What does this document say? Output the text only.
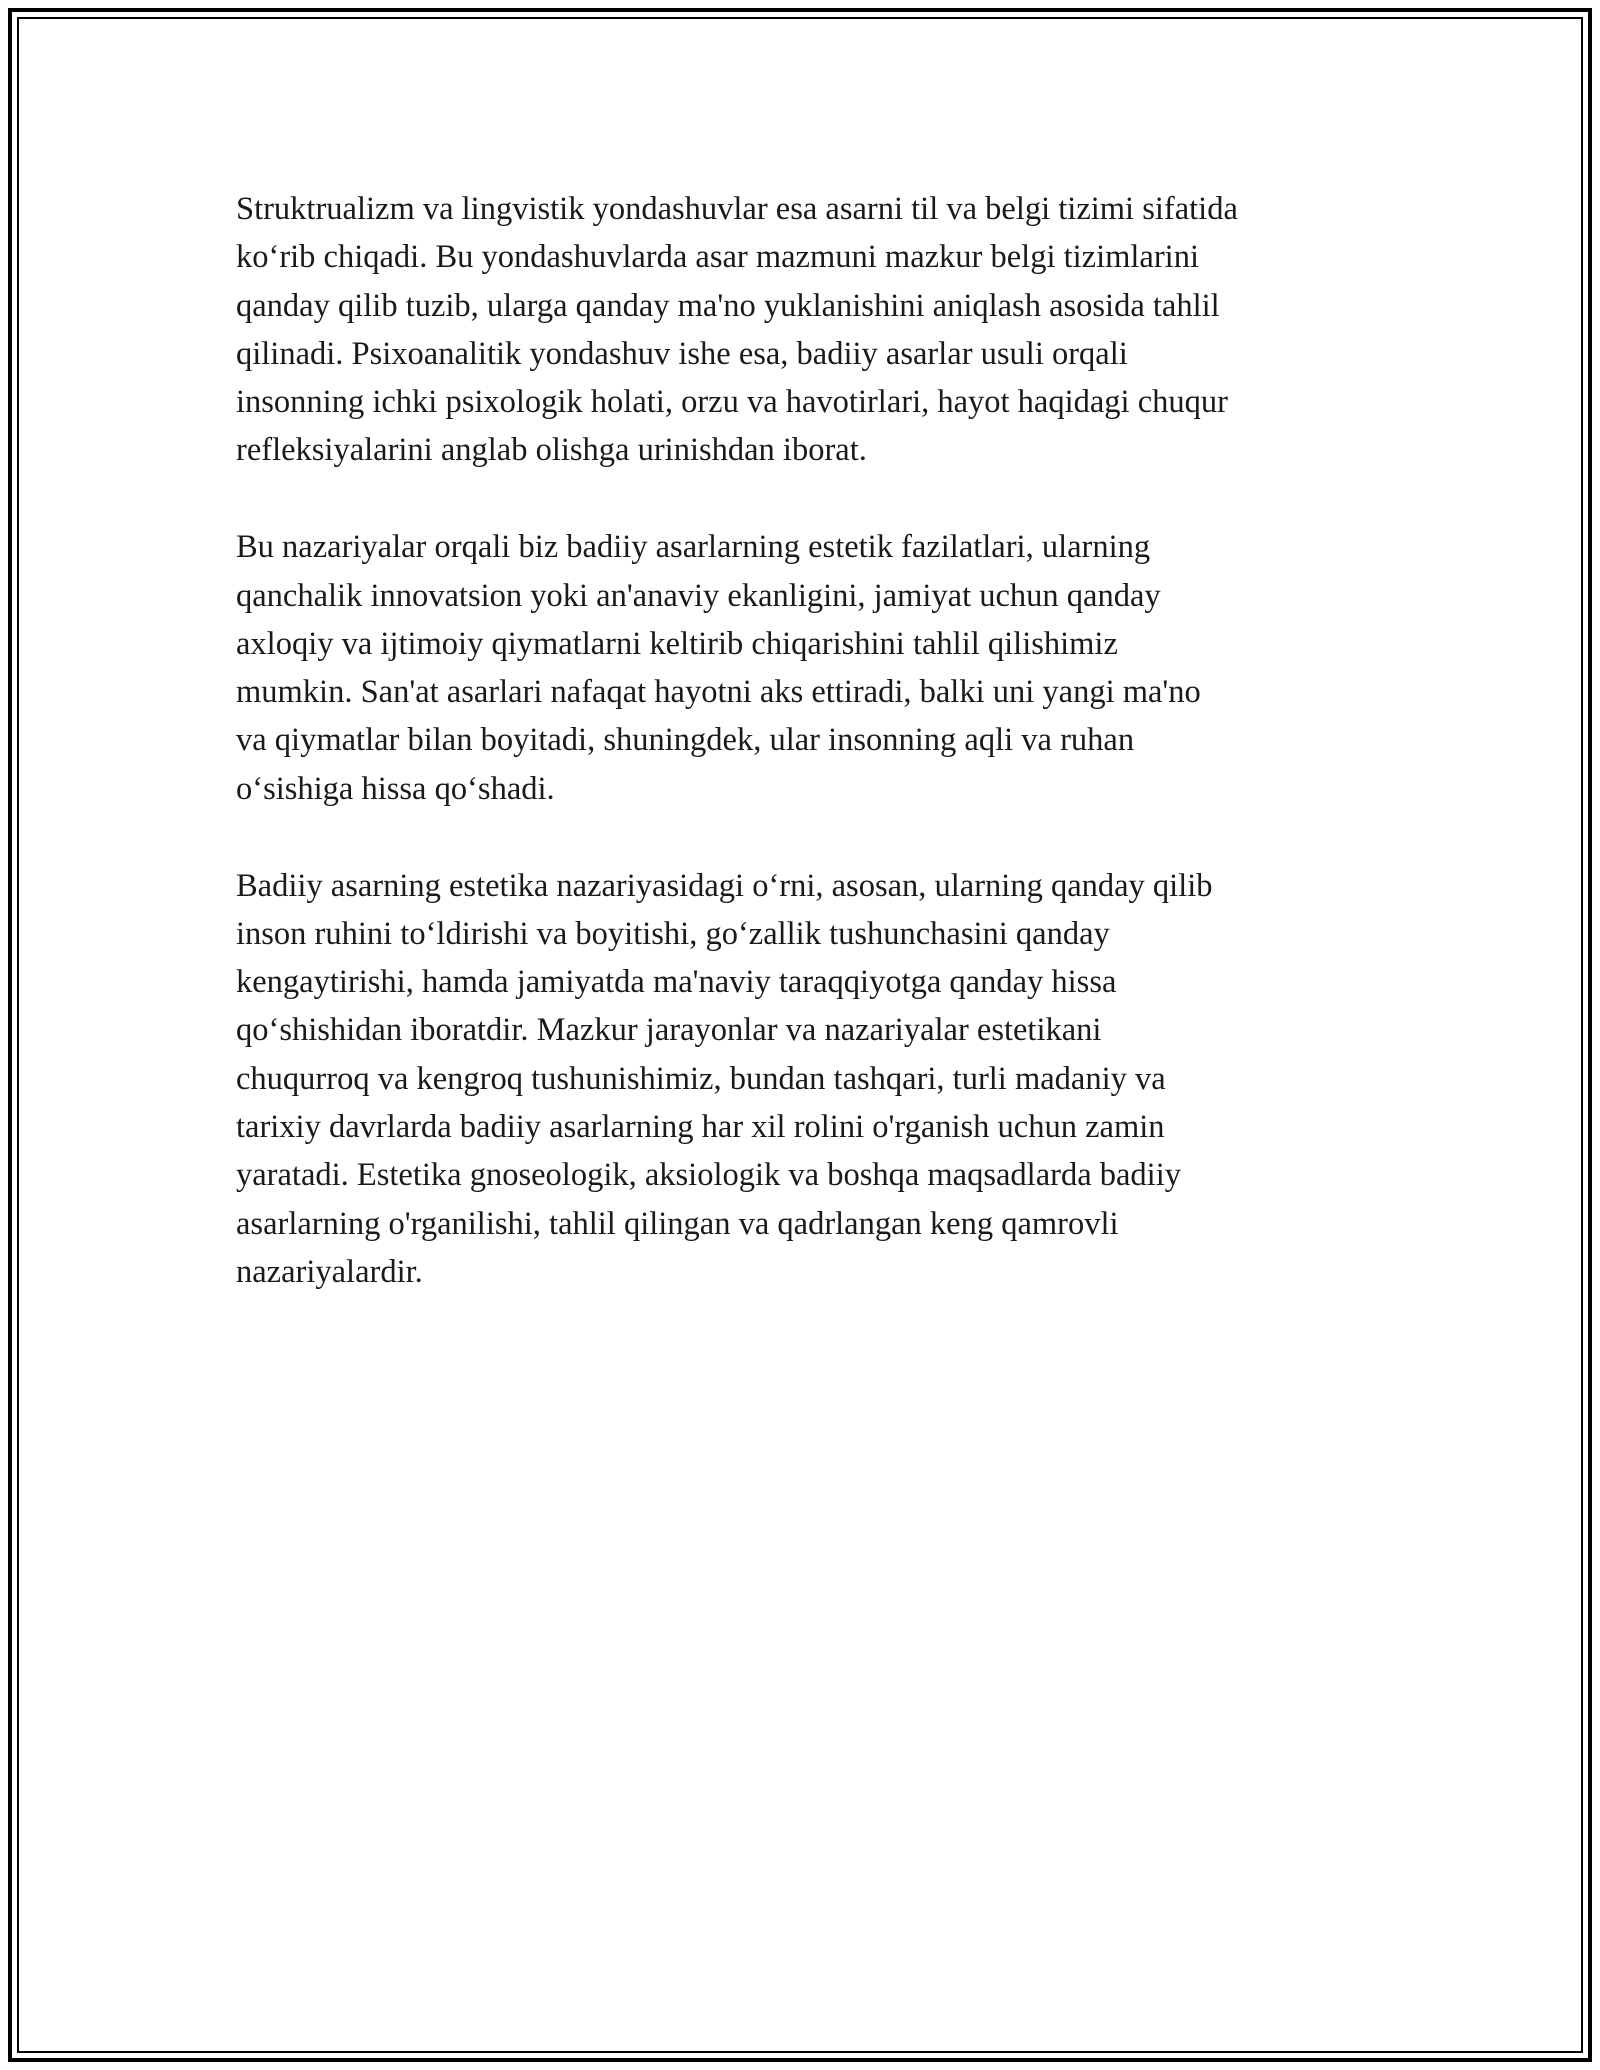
Struktrualizm va lingvistik yondashuvlar esa asarni til va belgi tizimi sifatida
ko‘rib chiqadi. Bu yondashuvlarda asar mazmuni mazkur belgi tizimlarini
qanday qilib tuzib, ularga qanday ma'no yuklanishini aniqlash asosida tahlil
qilinadi. Psixoanalitik yondashuv ishe esa, badiiy asarlar usuli orqali
insonning ichki psixologik holati, orzu va havotirlari, hayot haqidagi chuqur
refleksiyalarini anglab olishga urinishdan iborat.

Bu nazariyalar orqali biz badiiy asarlarning estetik fazilatlari, ularning
qanchalik innovatsion yoki an'anaviy ekanligini, jamiyat uchun qanday
axloqiy va ijtimoiy qiymatlarni keltirib chiqarishini tahlil qilishimiz
mumkin. San'at asarlari nafaqat hayotni aks ettiradi, balki uni yangi ma'no
va qiymatlar bilan boyitadi, shuningdek, ular insonning aqli va ruhan
o‘sishiga hissa qo‘shadi.

Badiiy asarning estetika nazariyasidagi o‘rni, asosan, ularning qanday qilib
inson ruhini to‘ldirishi va boyitishi, go‘zallik tushunchasini qanday
kengaytirishi, hamda jamiyatda ma'naviy taraqqiyotga qanday hissa
qo‘shishidan iboratdir. Mazkur jarayonlar va nazariyalar estetikani
chuqurroq va kengroq tushunishimiz, bundan tashqari, turli madaniy va
tarixiy davrlarda badiiy asarlarning har xil rolini o'rganish uchun zamin
yaratadi. Estetika gnoseologik, aksiologik va boshqa maqsadlarda badiiy
asarlarning o'rganilishi, tahlil qilingan va qadrlangan keng qamrovli
nazariyalardir.
